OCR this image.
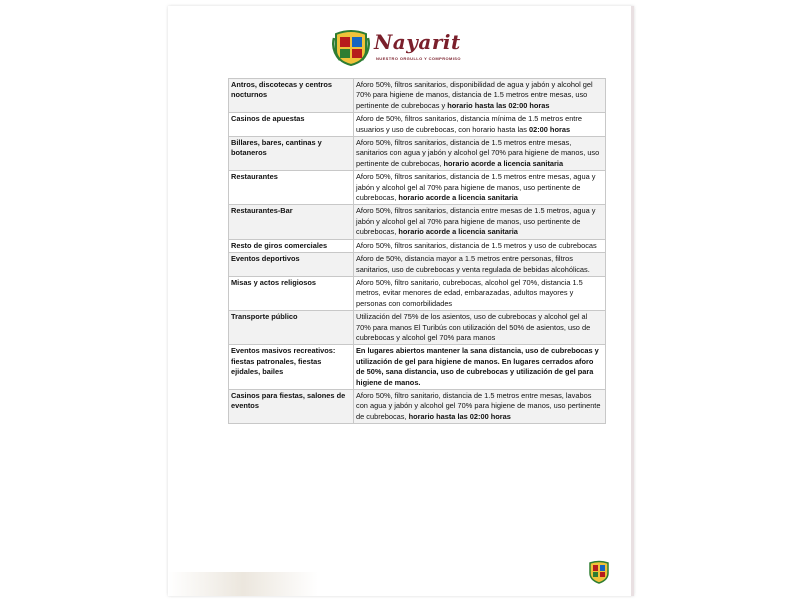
Nayarit
NUESTRO ORGULLO Y COMPROMISO
Antros, discotecas y centros nocturnos	Aforo 50%, filtros sanitarios, disponibilidad de agua y jabón y alcohol gel 70% para higiene de manos, distancia de 1.5 metros entre mesas, uso pertinente de cubrebocas y horario hasta las 02:00 horas
Casinos de apuestas	Aforo de 50%, filtros sanitarios, distancia mínima de 1.5 metros entre usuarios y uso de cubrebocas, con horario hasta las 02:00 horas
Billares, bares, cantinas y botaneros	Aforo 50%, filtros sanitarios, distancia de 1.5 metros entre mesas, sanitarios con agua y jabón y alcohol gel 70% para higiene de manos, uso pertinente de cubrebocas, horario acorde a licencia sanitaria
Restaurantes	Aforo 50%, filtros sanitarios, distancia de 1.5 metros entre mesas, agua y jabón y alcohol gel al 70% para higiene de manos, uso pertinente de cubrebocas, horario acorde a licencia sanitaria
Restaurantes-Bar	Aforo 50%, filtros sanitarios, distancia entre mesas de 1.5 metros, agua y jabón y alcohol gel al 70% para higiene de manos, uso pertinente de cubrebocas, horario acorde a licencia sanitaria
Resto de giros comerciales	Aforo 50%, filtros sanitarios, distancia de 1.5 metros y uso de cubrebocas
Eventos deportivos	Aforo de 50%, distancia mayor a 1.5 metros entre personas, filtros sanitarios, uso de cubrebocas y venta regulada de bebidas alcohólicas.
Misas y actos religiosos	Aforo 50%, filtro sanitario, cubrebocas, alcohol gel 70%, distancia 1.5 metros, evitar menores de edad, embarazadas, adultos mayores y personas con comorbilidades
Transporte público	Utilización del 75% de los asientos, uso de cubrebocas y alcohol gel al 70% para manos El Turibús con utilización del 50% de asientos, uso de cubrebocas y alcohol gel 70% para manos
Eventos masivos recreativos: fiestas patronales, fiestas ejidales, bailes	En lugares abiertos mantener la sana distancia, uso de cubrebocas y utilización de gel para higiene de manos. En lugares cerrados aforo de 50%, sana distancia, uso de cubrebocas y utilización de gel para higiene de manos.
Casinos para fiestas, salones de eventos	Aforo 50%, filtro sanitario, distancia de 1.5 metros entre mesas, lavabos con agua y jabón y alcohol gel 70% para higiene de manos, uso pertinente de cubrebocas, horario hasta las 02:00 horas
